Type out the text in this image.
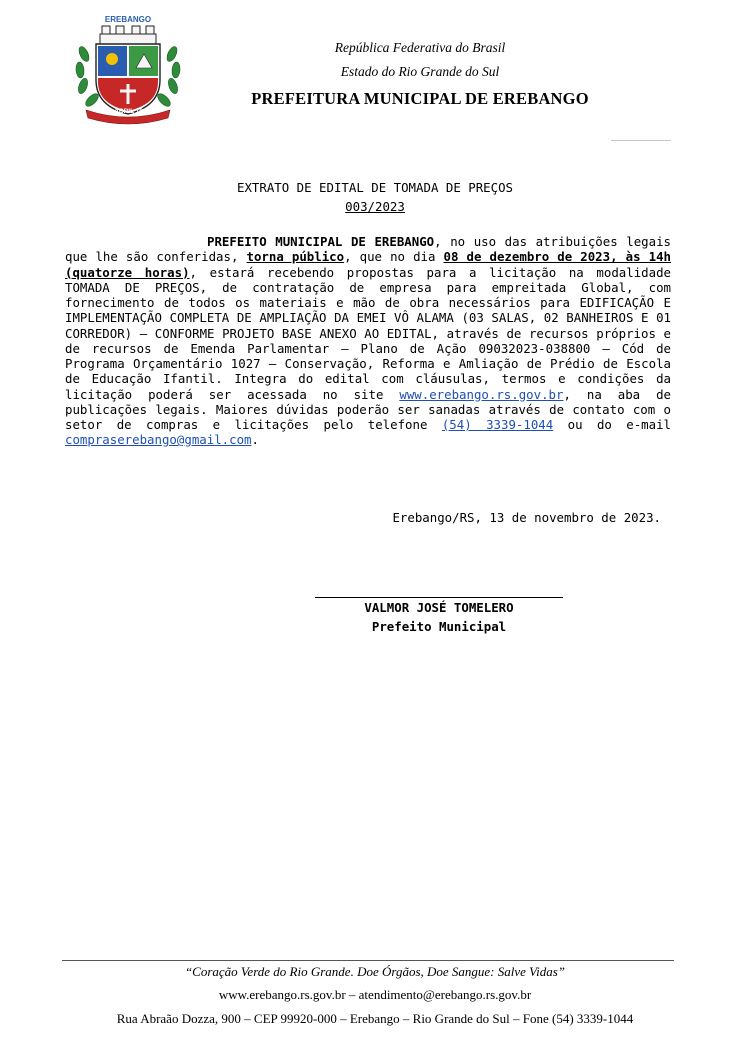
EREBANGO
11 ABRIL 1988
República Federativa do Brasil
Estado do Rio Grande do Sul
PREFEITURA MUNICIPAL DE EREBANGO
EXTRATO DE EDITAL DE TOMADA DE PREÇOS
003/2023
PREFEITO MUNICIPAL DE EREBANGO, no uso das atribuições legais que lhe são conferidas, torna público, que no dia 08 de dezembro de 2023, às 14h (quatorze horas), estará recebendo propostas para a licitação na modalidade TOMADA DE PREÇOS, de contratação de empresa para empreitada Global, com fornecimento de todos os materiais e mão de obra necessários para EDIFICAÇÃO E IMPLEMENTAÇÃO COMPLETA DE AMPLIAÇÃO DA EMEI VÔ ALAMA (03 SALAS, 02 BANHEIROS E 01 CORREDOR) – CONFORME PROJETO BASE ANEXO AO EDITAL, através de recursos próprios e de recursos de Emenda Parlamentar – Plano de Ação 09032023-038800 – Cód de Programa Orçamentário 1027 – Conservação, Reforma e Amliação de Prédio de Escola de Educação Ifantil. Integra do edital com cláusulas, termos e condições da licitação poderá ser acessada no site www.erebango.rs.gov.br, na aba de publicações legais. Maiores dúvidas poderão ser sanadas através de contato com o setor de compras e licitações pelo telefone (54) 3339-1044 ou do e-mail compraserebango@gmail.com.
Erebango/RS, 13 de novembro de 2023.
VALMOR JOSÉ TOMELERO
Prefeito Municipal
“Coração Verde do Rio Grande. Doe Órgãos, Doe Sangue: Salve Vidas”
www.erebango.rs.gov.br – atendimento@erebango.rs.gov.br
Rua Abraão Dozza, 900 – CEP 99920-000 – Erebango – Rio Grande do Sul – Fone (54) 3339-1044
